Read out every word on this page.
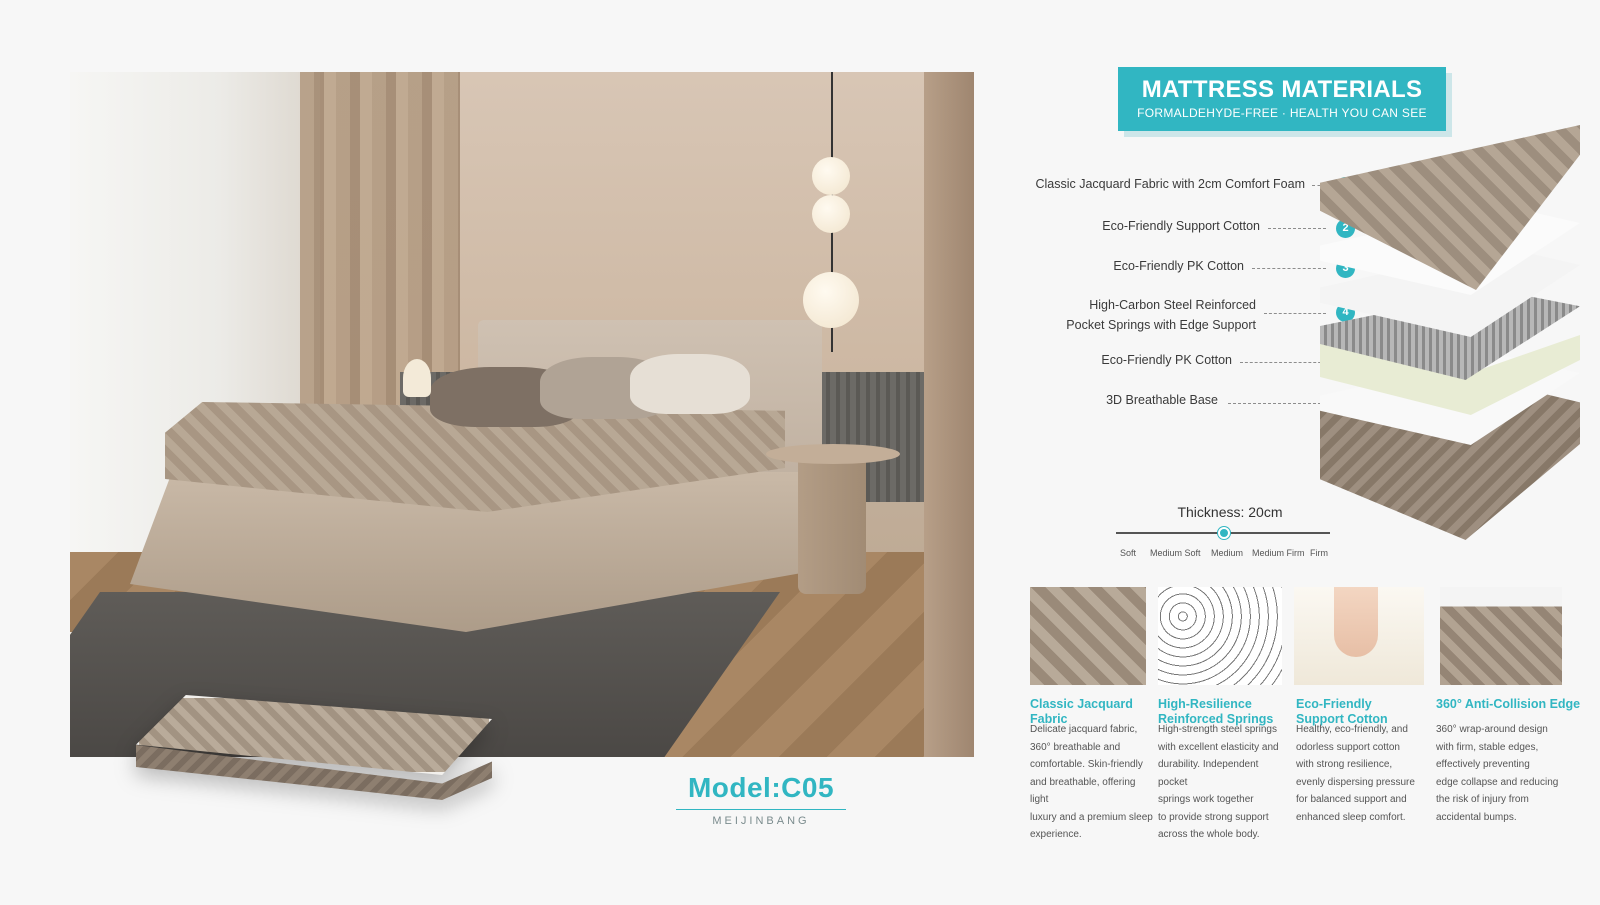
Model:C05
MEIJINBANG
MATTRESS MATERIALS
FORMALDEHYDE-FREE · HEALTH YOU CAN SEE
Classic Jacquard Fabric with 2cm Comfort Foam
Eco-Friendly Support Cotton	2
Eco-Friendly PK Cotton	3
High-Carbon Steel Reinforced
Pocket Springs with Edge Support
4
Eco-Friendly PK Cotton
3D Breathable Base
Thickness: 20cm
Soft Medium Soft Medium Medium Firm Firm
Classic Jacquard Fabric
High-Resilience
Reinforced Springs
Eco-Friendly
Support Cotton
360° Anti-Collision Edge
Delicate jacquard fabric,
360° breathable and
comfortable. Skin-friendly
and breathable, offering light
luxury and a premium sleep
experience.
High-strength steel springs
with excellent elasticity and
durability. Independent pocket
springs work together
to provide strong support
across the whole body.
Healthy, eco-friendly, and
odorless support cotton
with strong resilience,
evenly dispersing pressure
for balanced support and
enhanced sleep comfort.
360° wrap-around design
with firm, stable edges,
effectively preventing
edge collapse and reducing
the risk of injury from
accidental bumps.
